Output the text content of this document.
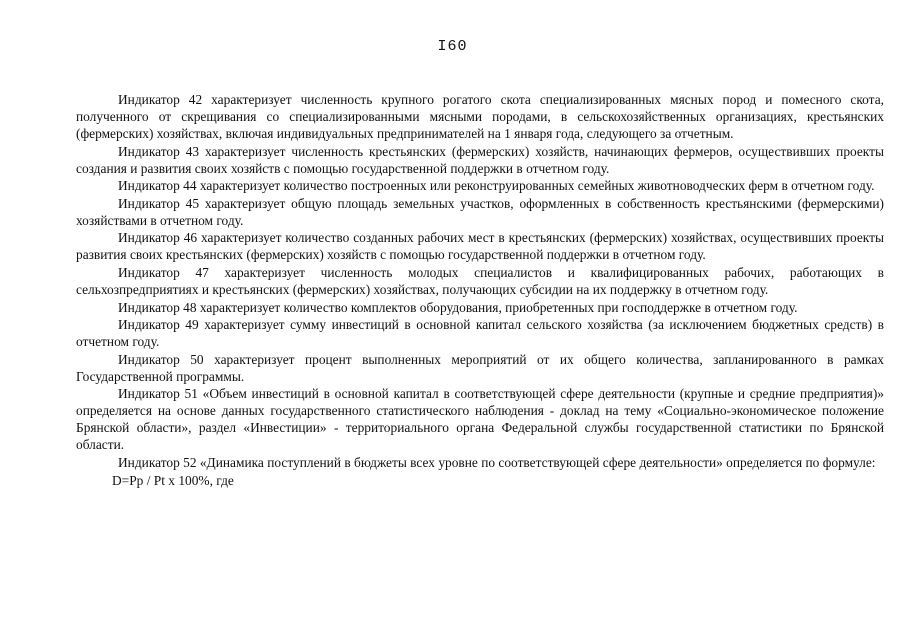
I60

Индикатор 42 характеризует численность крупного рогатого скота специализированных мясных пород и помесного скота, полученного от скрещивания со специализированными мясными породами, в сельскохозяйственных организациях, крестьянских (фермерских) хозяйствах, включая индивидуальных предпринимателей на 1 января года, следующего за отчетным.

Индикатор 43 характеризует численность крестьянских (фермерских) хозяйств, начинающих фермеров, осуществивших проекты создания и развития своих хозяйств с помощью государственной поддержки в отчетном году.

Индикатор 44 характеризует количество построенных или реконструированных семейных животноводческих ферм в отчетном году.

Индикатор 45 характеризует общую площадь земельных участков, оформленных в собственность крестьянскими (фермерскими) хозяйствами в отчетном году.

Индикатор 46 характеризует количество созданных рабочих мест в крестьянских (фермерских) хозяйствах, осуществивших проекты развития своих крестьянских (фермерских) хозяйств с помощью государственной поддержки в отчетном году.

Индикатор 47 характеризует численность молодых специалистов и квалифицированных рабочих, работающих в сельхозпредприятиях и крестьянских (фермерских) хозяйствах, получающих субсидии на их поддержку в отчетном году.

Индикатор 48 характеризует количество комплектов оборудования, приобретенных при господдержке в отчетном году.

Индикатор 49 характеризует сумму инвестиций в основной капитал сельского хозяйства (за исключением бюджетных средств) в отчетном году.

Индикатор 50 характеризует процент выполненных мероприятий от их общего количества, запланированного в рамках Государственной программы.

Индикатор 51 «Объем инвестиций в основной капитал в соответствующей сфере деятельности (крупные и средние предприятия)» определяется на основе данных государственного статистического наблюдения - доклад на тему «Социально-экономическое положение Брянской области», раздел «Инвестиции» - территориального органа Федеральной службы государственной статистики по Брянской области.

Индикатор 52 «Динамика поступлений в бюджеты всех уровне по соответствующей сфере деятельности» определяется по формуле:

D=Pp / Pt x 100%, где
